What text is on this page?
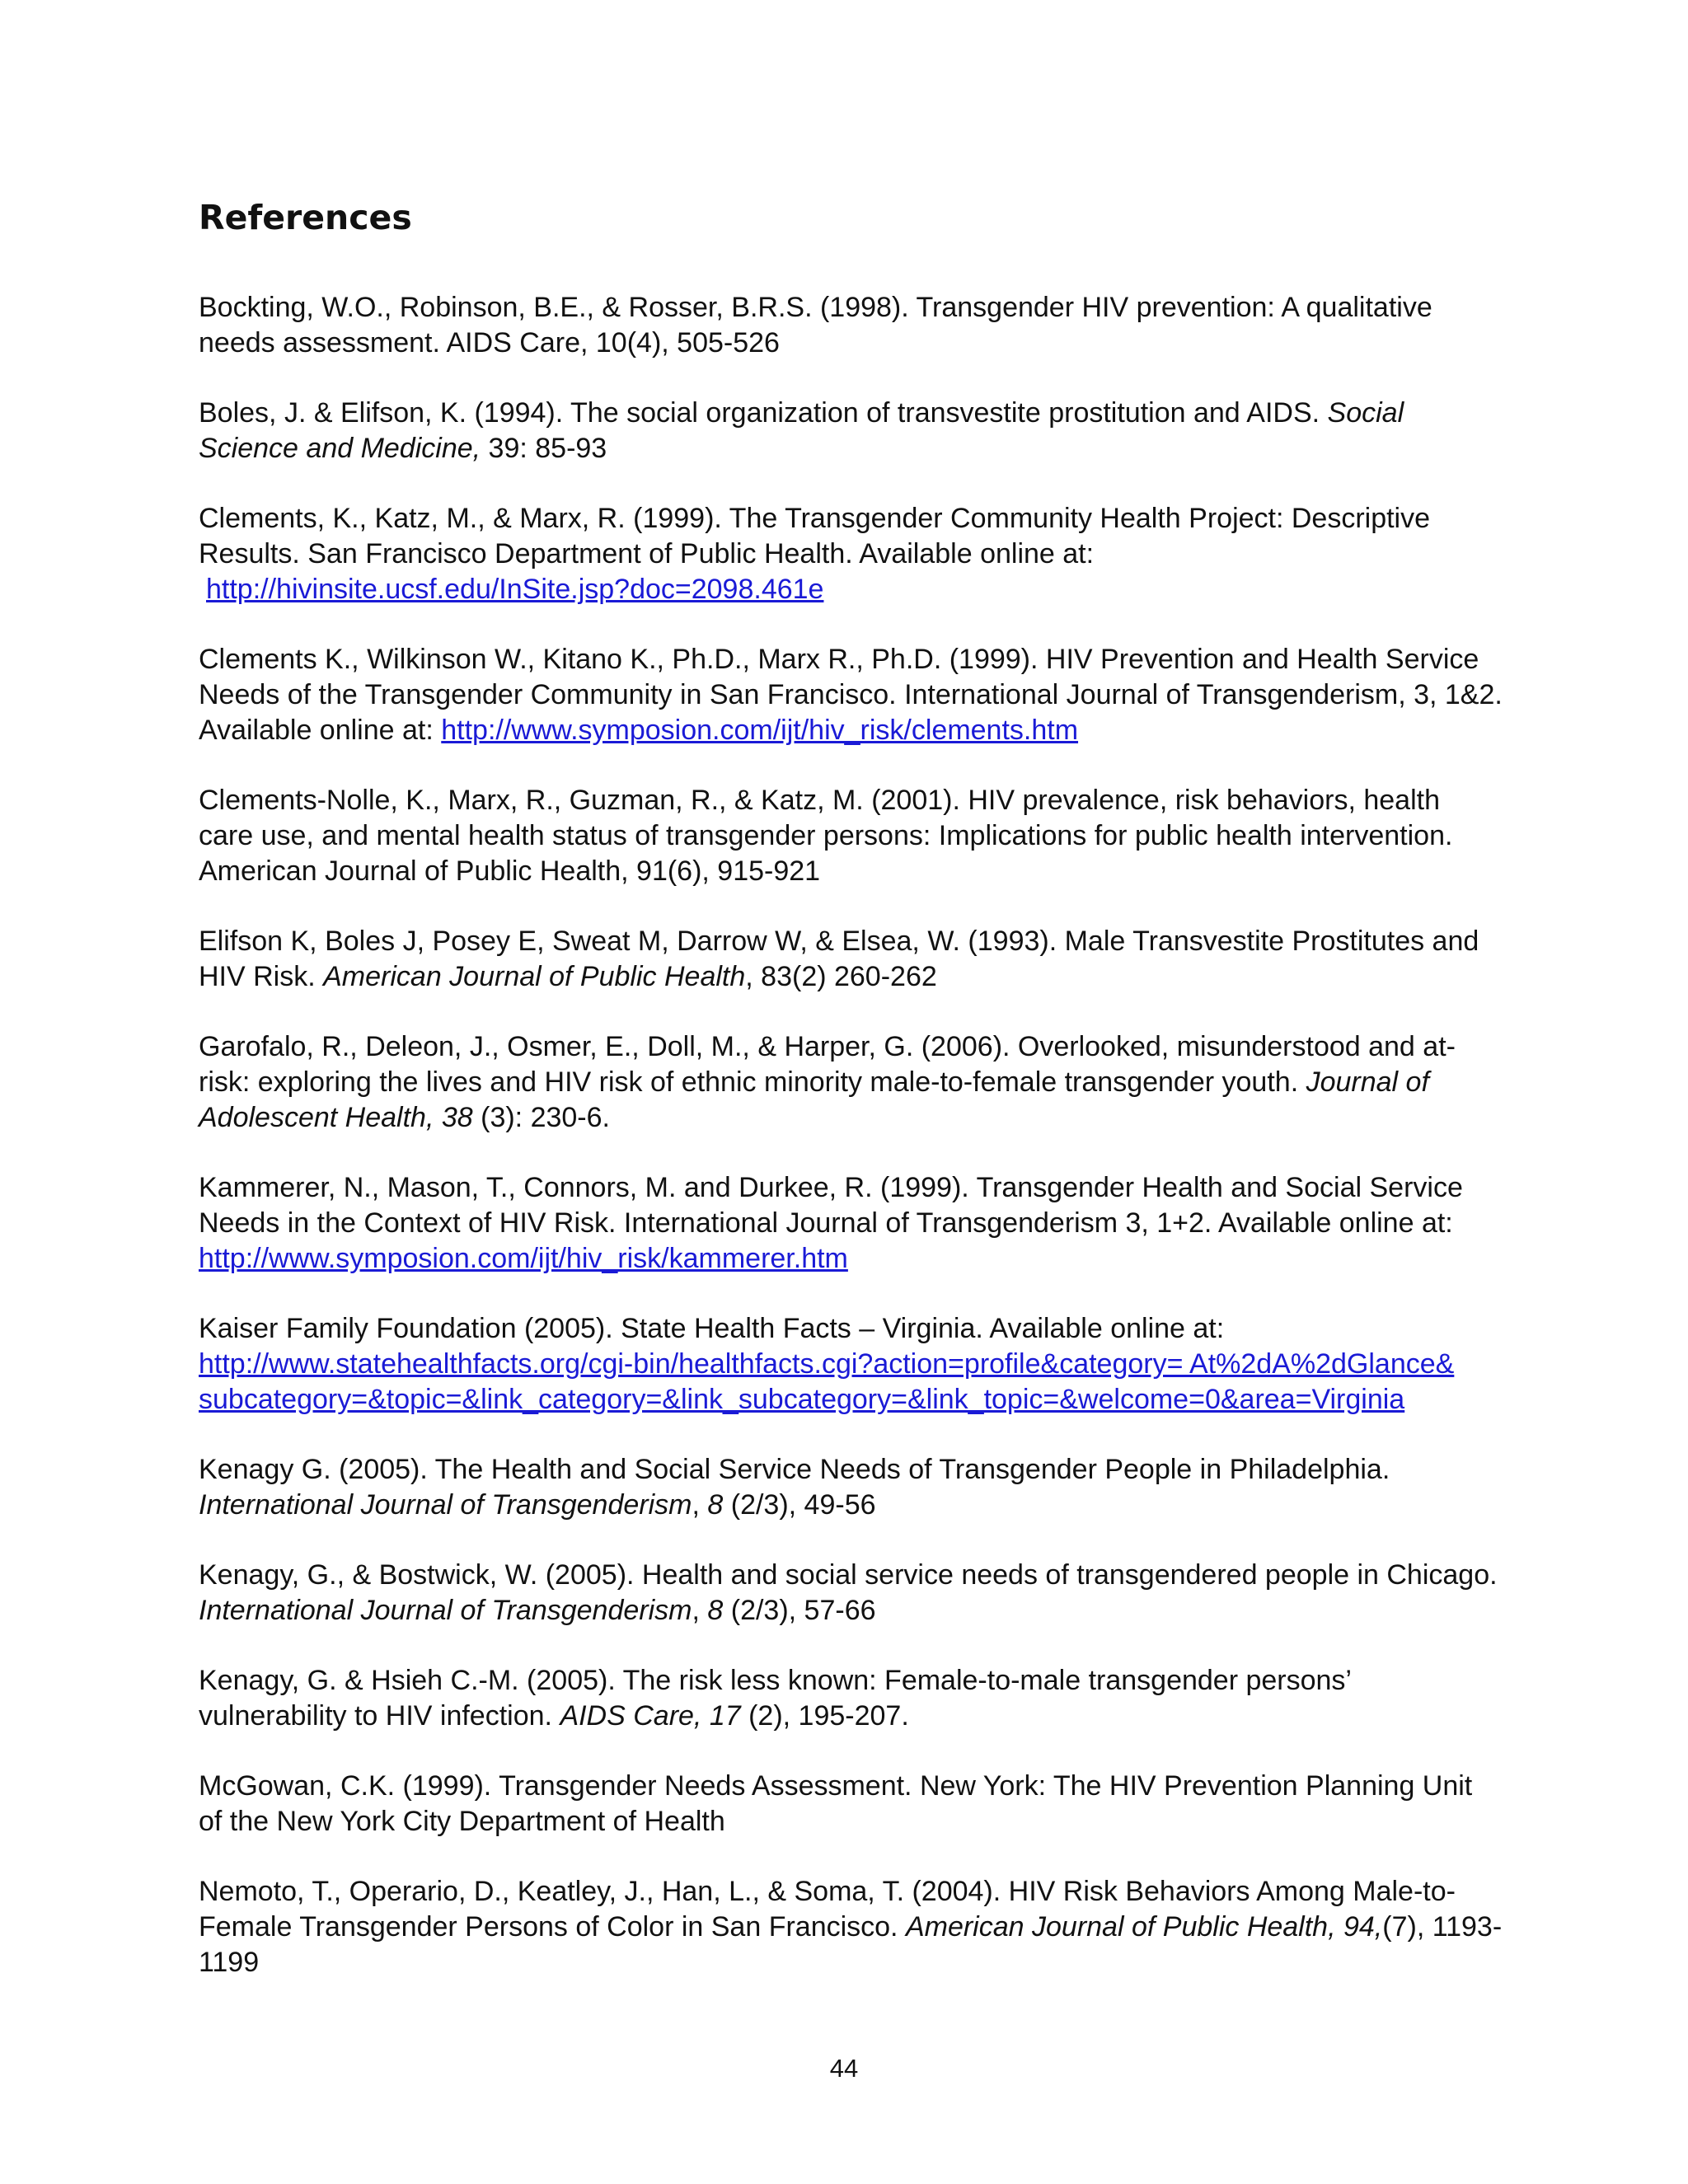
References

Bockting, W.O., Robinson, B.E., & Rosser, B.R.S. (1998). Transgender HIV prevention: A qualitative
needs assessment. AIDS Care, 10(4), 505-526

Boles, J. & Elifson, K. (1994). The social organization of transvestite prostitution and AIDS. Social
Science and Medicine, 39: 85-93

Clements, K., Katz, M., & Marx, R. (1999). The Transgender Community Health Project: Descriptive
Results. San Francisco Department of Public Health. Available online at:
http://hivinsite.ucsf.edu/InSite.jsp?doc=2098.461e

Clements K., Wilkinson W., Kitano K., Ph.D., Marx R., Ph.D. (1999). HIV Prevention and Health Service
Needs of the Transgender Community in San Francisco. International Journal of Transgenderism, 3, 1&2.
Available online at: http://www.symposion.com/ijt/hiv_risk/clements.htm

Clements-Nolle, K., Marx, R., Guzman, R., & Katz, M. (2001). HIV prevalence, risk behaviors, health
care use, and mental health status of transgender persons: Implications for public health intervention.
American Journal of Public Health, 91(6), 915-921

Elifson K, Boles J, Posey E, Sweat M, Darrow W, & Elsea, W. (1993). Male Transvestite Prostitutes and
HIV Risk. American Journal of Public Health, 83(2) 260-262

Garofalo, R., Deleon, J., Osmer, E., Doll, M., & Harper, G. (2006). Overlooked, misunderstood and at-
risk: exploring the lives and HIV risk of ethnic minority male-to-female transgender youth. Journal of
Adolescent Health, 38 (3): 230-6.

Kammerer, N., Mason, T., Connors, M. and Durkee, R. (1999). Transgender Health and Social Service
Needs in the Context of HIV Risk. International Journal of Transgenderism 3, 1+2. Available online at:
http://www.symposion.com/ijt/hiv_risk/kammerer.htm

Kaiser Family Foundation (2005). State Health Facts – Virginia. Available online at:
http://www.statehealthfacts.org/cgi-bin/healthfacts.cgi?action=profile&category= At%2dA%2dGlance&
subcategory=&topic=&link_category=&link_subcategory=&link_topic=&welcome=0&area=Virginia

Kenagy G. (2005). The Health and Social Service Needs of Transgender People in Philadelphia.
International Journal of Transgenderism, 8 (2/3), 49-56

Kenagy, G., & Bostwick, W. (2005). Health and social service needs of transgendered people in Chicago.
International Journal of Transgenderism, 8 (2/3), 57-66

Kenagy, G. & Hsieh C.-M. (2005). The risk less known: Female-to-male transgender persons’
vulnerability to HIV infection. AIDS Care, 17 (2), 195-207.

McGowan, C.K. (1999). Transgender Needs Assessment. New York: The HIV Prevention Planning Unit
of the New York City Department of Health

Nemoto, T., Operario, D., Keatley, J., Han, L., & Soma, T. (2004). HIV Risk Behaviors Among Male-to-
Female Transgender Persons of Color in San Francisco. American Journal of Public Health, 94,(7), 1193-
1199

44
